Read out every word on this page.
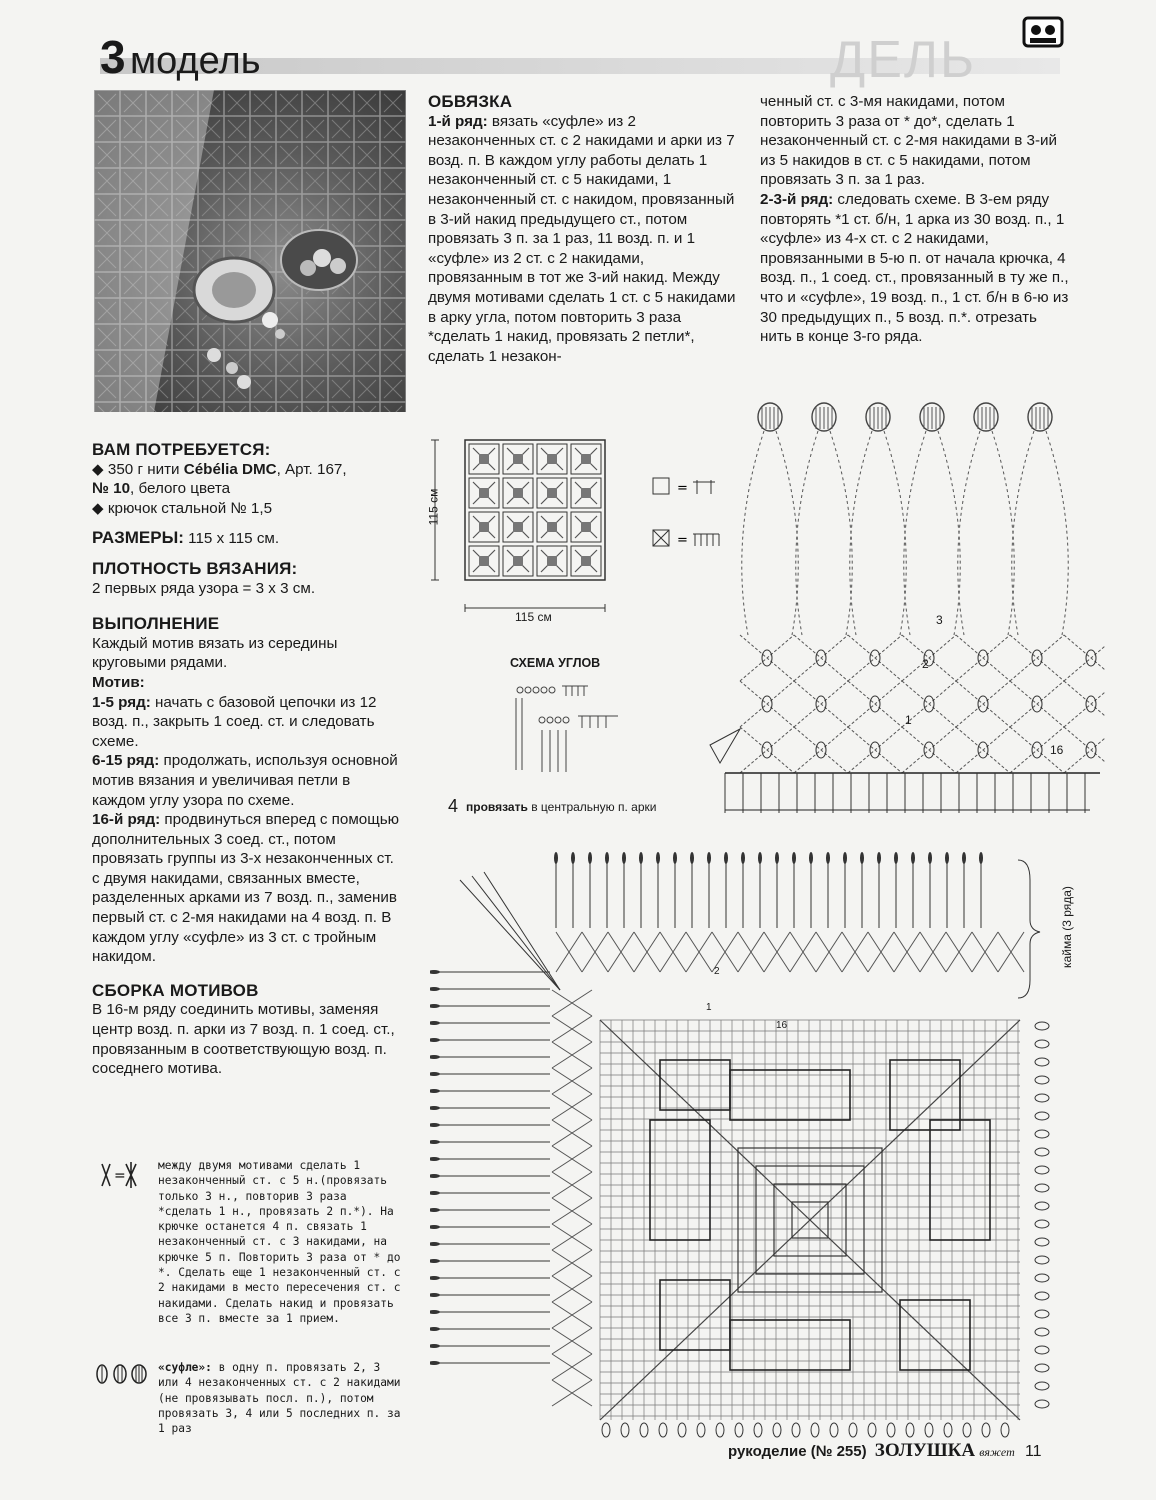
3 модель	ДЕЛЬ
ВАМ ПОТРЕБУЕТСЯ:

◆ 350 г нити Cébélia DMC, Арт. 167,

№ 10, белого цвета

◆ крючок стальной № 1,5

РАЗМЕРЫ: 115 х 115 см.
ПЛОТНОСТЬ ВЯЗАНИЯ:

2 первых ряда узора = 3 х 3 см.

ВЫПОЛНЕНИЕ

Каждый мотив вязать из середины круговыми рядами.

Мотив:

1-5 ряд: начать с базовой цепочки из 12 возд. п., закрыть 1 соед. ст. и следовать схеме.

6-15 ряд: продолжать, используя основной мотив вязания и увеличивая петли в каждом углу узора по схеме.

16-й ряд: продвинуться вперед с помощью дополнительных 3 соед. ст., потом провязать группы из 3-х незаконченных ст. с двумя накидами, связанных вместе, разделенных арками из 7 возд. п., заменив первый ст. с 2-мя накидами на 4 возд. п. В каждом углу «суфле» из 3 ст. с тройным накидом.

СБОРКА МОТИВОВ

В 16-м ряду соединить мотивы, заменяя центр возд. п. арки из 7 возд. п. 1 соед. ст., провязанным в соответствующую возд. п. соседнего мотива.

=
между двумя мотивами сделать 1 незаконченный ст. с 5 н.(провязать только 3 н., повторив 3 раза *сделать 1 н., провязать 2 п.*). На крючке останется 4 п. связать 1 незаконченный ст. с 3 накидами, на крючке 5 п. Повторить 3 раза от * до *. Сделать еще 1 незаконченный ст. с 2 накидами в место пересечения ст. с накидами. Сделать накид и провязать все 3 п. вместе за 1 прием.
«суфле»: в одну п. провязать 2, 3 или 4 незаконченных ст. с 2 накидами (не провязывать посл. п.), потом провязать 3, 4 или 5 последних п. за 1 раз
ОБВЯЗКА

1-й ряд: вязать «суфле» из 2 незаконченных ст. с 2 накидами и арки из 7 возд. п. В каждом углу работы делать 1 незаконченный ст. с 5 накидами, 1 незаконченный ст. с накидом, провязанный в 3-ий накид предыдущего ст., потом провязать 3 п. за 1 раз, 11 возд. п. и 1 «суфле» из 2 ст. с 2 накидами, провязанным в тот же 3-ий накид. Между двумя мотивами сделать 1 ст. с 5 накидами в арку угла, потом повторить 3 раза *сделать 1 накид, провязать 2 петли*, сделать 1 незакон-

=
=
115 см
115 см
СХЕМА УГЛОВ
4 провязать в центральную п. арки

ченный ст. с 3-мя накидами, потом повторить 3 раза от * до*, сделать 1 незаконченный ст. с 2-мя накидами в 3-ий из 5 накидов в ст. с 5 накидами, потом провязать 3 п. за 1 раз.

2-3-й ряд: следовать схеме. В 3-ем ряду повторять *1 ст. б/н, 1 арка из 30 возд. п., 1 «суфле» из 4-х ст. с 2 накидами, провязанными в 5-ю п. от начала крючка, 4 возд. п., 1 соед. ст., провязанный в ту же п., что и «суфле», 19 возд. п., 1 ст. б/н в 6-ю из 30 предыдущих п., 5 возд. п.*. отрезать нить в конце 3-го ряда.

3
2
1
16
кайма (3 ряда)
2
1
16
рукоделие (№ 255) ЗОЛУШКА вяжет 11
